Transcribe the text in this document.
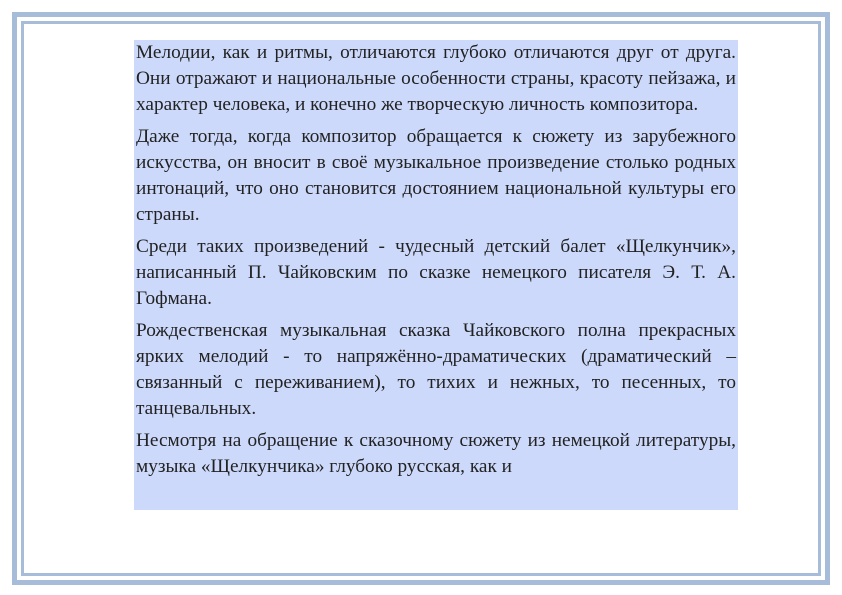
Мелодии, как и ритмы, отличаются глубоко отличаются друг от друга. Они отражают и национальные особенности страны, красоту пейзажа, и характер человека, и конечно же творческую личность композитора.

Даже тогда, когда композитор обращается к сюжету из зарубежного искусства, он вносит в своё музыкальное произведение столько родных интонаций, что оно становится достоянием национальной культуры его страны.

Среди таких произведений - чудесный детский балет «Щелкунчик», написанный П. Чайковским по сказке немецкого писателя Э. Т. А. Гофмана.

Рождественская музыкальная сказка Чайковского полна прекрасных ярких мелодий - то напряжённо-драматических (драматический – связанный с переживанием), то тихих и нежных, то песенных, то танцевальных.

Несмотря на обращение к сказочному сюжету из немецкой литературы, музыка «Щелкунчика» глубоко русская, как и
